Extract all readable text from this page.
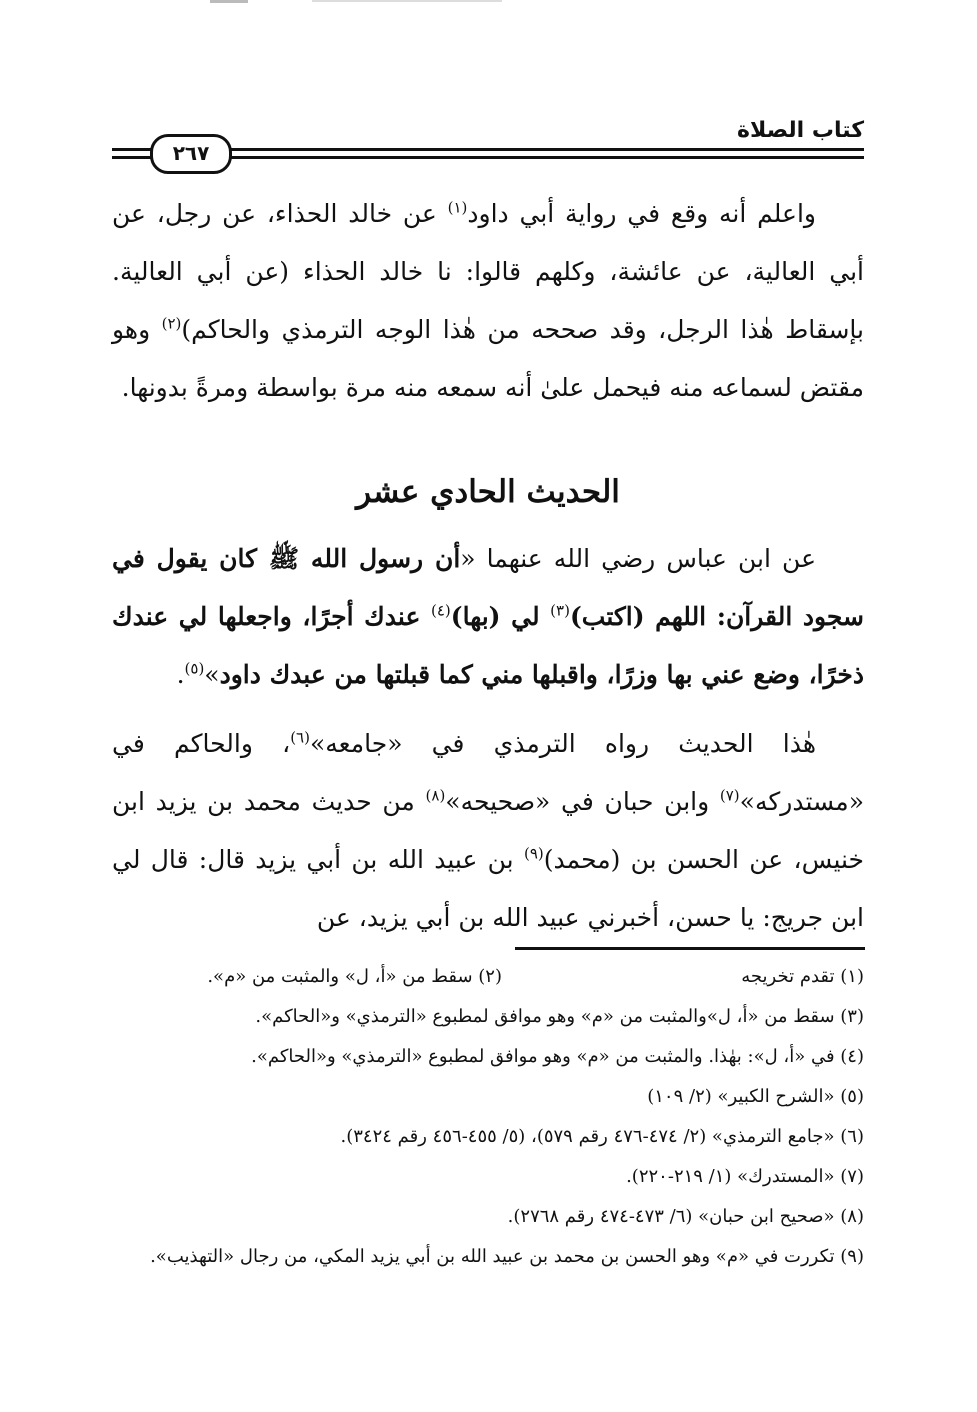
كتاب الصلاة
٢٦٧

واعلم أنه وقع في رواية أبي داود$^{(١)}$ عن خالد الحذاء، عن رجل، عن أبي العالية، عن عائشة، وكلهم قالوا: نا خالد الحذاء (عن أبي العالية. بإسقاط هٰذا الرجل، وقد صححه من هٰذا الوجه الترمذي والحاكم)$^{(٢)}$ وهو مقتض لسماعه منه فيحمل علىٰ أنه سمعه منه مرة بواسطة ومرةً بدونها.

الحديث الحادي عشر

عن ابن عباس رضي الله عنهما «أن رسول الله ﷺ كان يقول في سجود القرآن: اللهم (اكتب)$^{(٣)}$ لي (بها)$^{(٤)}$ عندك أجرًا، واجعلها لي عندك ذخرًا، وضع عني بها وزرًا، واقبلها مني كما قبلتها من عبدك داود»$^{(٥)}$.

هٰذا الحديث رواه الترمذي في «جامعه»$^{(٦)}$، والحاكم في «مستدركه»$^{(٧)}$ وابن حبان في «صحيحه»$^{(٨)}$ من حديث محمد بن يزيد ابن خنيس، عن الحسن بن (محمد)$^{(٩)}$ بن عبيد الله بن أبي يزيد قال: قال لي ابن جريج: يا حسن، أخبرني عبيد الله بن أبي يزيد، عن

(١) تقدم تخريجه
(٢) سقط من «أ، ل» والمثبت من «م».

(٣) سقط من «أ، ل»والمثبت من «م» وهو موافق لمطبوع «الترمذي» و«الحاكم».

(٤) في «أ، ل»: بهٰذا. والمثبت من «م» وهو موافق لمطبوع «الترمذي» و«الحاكم».

(٥) «الشرح الكبير» (٢/ ١٠٩)

(٦) «جامع الترمذي» (٢/ ٤٧٤-٤٧٦ رقم ٥٧٩)، (٥/ ٤٥٥-٤٥٦ رقم ٣٤٢٤).

(٧) «المستدرك» (١/ ٢١٩-٢٢٠).

(٨) «صحيح ابن حبان» (٦/ ٤٧٣-٤٧٤ رقم ٢٧٦٨).

(٩) تكررت في «م» وهو الحسن بن محمد بن عبيد الله بن أبي يزيد المكي، من رجال «التهذيب».
